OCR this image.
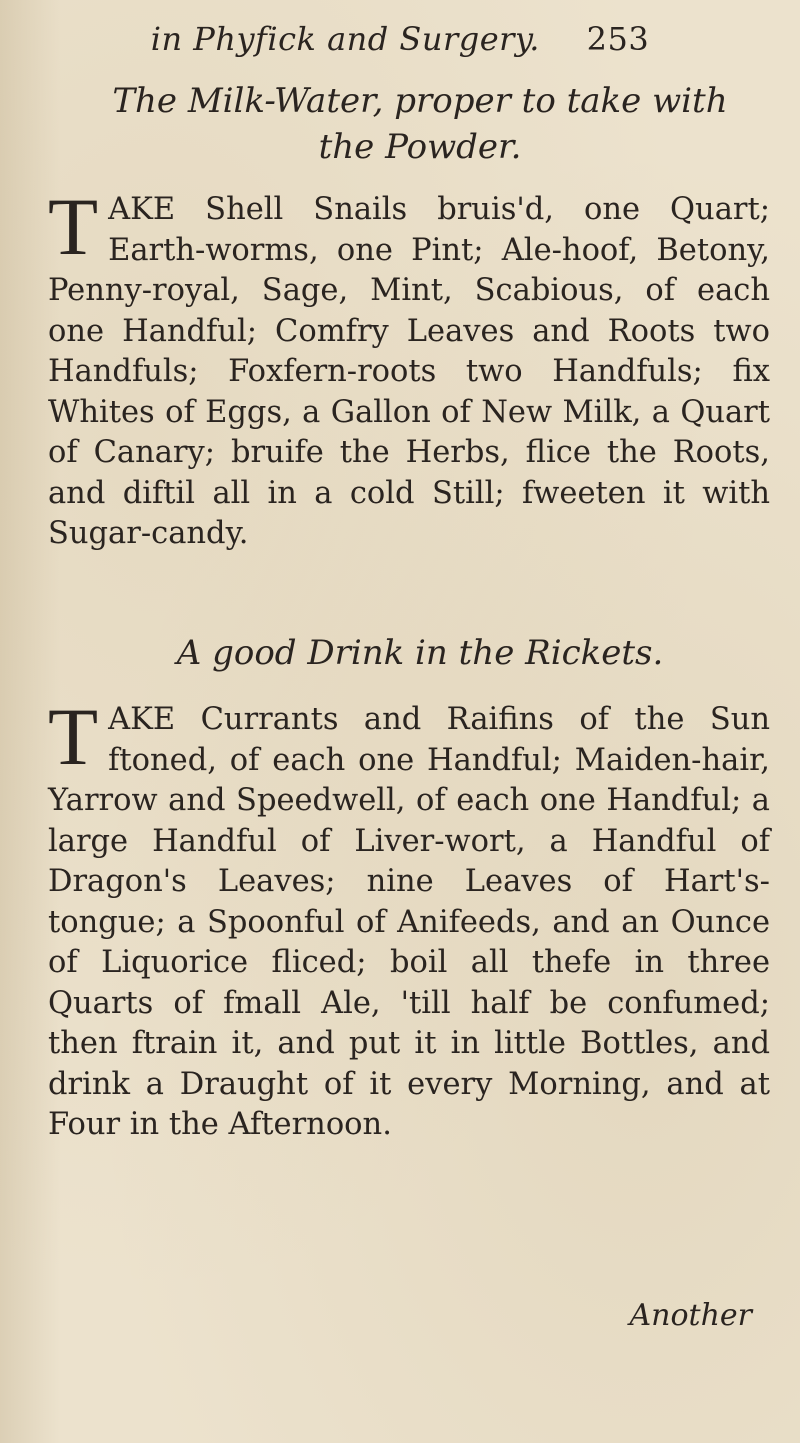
in Phyfick and Surgery. 253
The Milk-Water, proper to take with
the Powder.

TAKE Shell Snails bruis'd, one Quart; Earth-worms, one Pint; Ale-hoof, Betony, Penny-royal, Sage, Mint, Scabious, of each one Handful; Comfry Leaves and Roots two Handfuls; Foxfern-roots two Handfuls; fix Whites of Eggs, a Gallon of New Milk, a Quart of Canary; bruife the Herbs, flice the Roots, and diftil all in a cold Still; fweeten it with Sugar-candy.

A good Drink in the Rickets.

TAKE Currants and Raifins of the Sun ftoned, of each one Handful; Maiden-hair, Yarrow and Speedwell, of each one Handful; a large Handful of Liver-wort, a Handful of Dragon's Leaves; nine Leaves of Hart's-tongue; a Spoonful of Anifeeds, and an Ounce of Liquorice fliced; boil all thefe in three Quarts of fmall Ale, 'till half be confumed; then ftrain it, and put it in little Bottles, and drink a Draught of it every Morning, and at Four in the Afternoon.

Another
